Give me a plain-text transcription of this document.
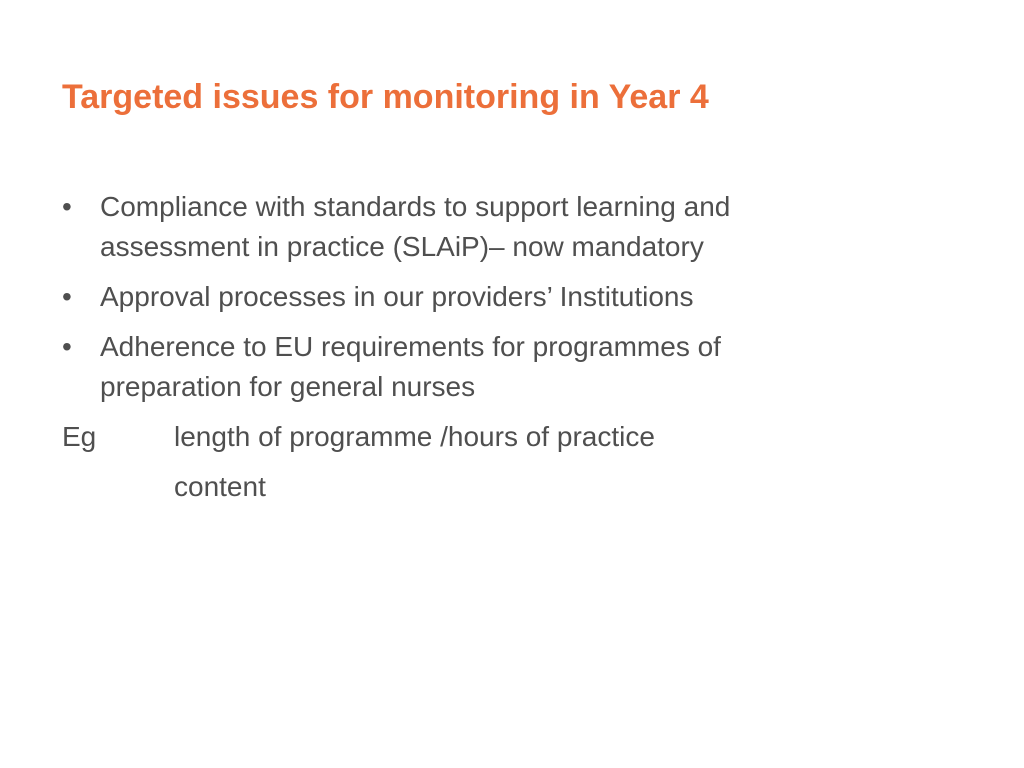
Targeted issues for monitoring in Year 4
•	Compliance with standards to support learning and
assessment in practice (SLAiP)– now mandatory
•	Approval processes in our providers’ Institutions
•	Adherence to EU requirements for programmes of
preparation for general nurses
Eg	length of programme /hours of practice
content
